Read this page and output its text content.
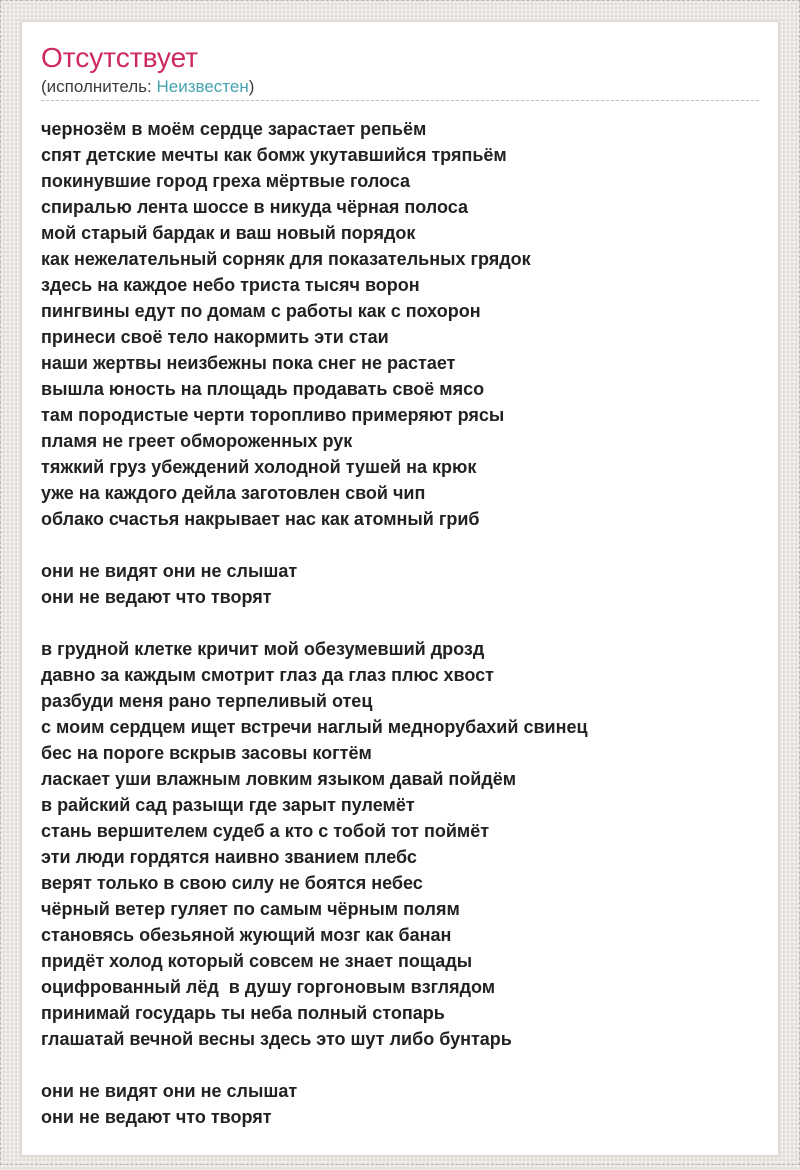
Отсутствует
(исполнитель: Неизвестен)
чернозём в моём сердце зарастает репьём
спят детские мечты как бомж укутавшийся тряпьём
покинувшие город греха мёртвые голоса
спиралью лента шоссе в никуда чёрная полоса
мой старый бардак и ваш новый порядок
как нежелательный сорняк для показательных грядок
здесь на каждое небо триста тысяч ворон
пингвины едут по домам с работы как с похорон
принеси своё тело накормить эти стаи
наши жертвы неизбежны пока снег не растает
вышла юность на площадь продавать своё мясо
там породистые черти торопливо примеряют рясы
пламя не греет обмороженных рук
тяжкий груз убеждений холодной тушей на крюк
уже на каждого дейла заготовлен свой чип
облако счастья накрывает нас как атомный гриб
они не видят они не слышат
они не ведают что творят
в грудной клетке кричит мой обезумевший дрозд
давно за каждым смотрит глаз да глаз плюс хвост
разбуди меня рано терпеливый отец
с моим сердцем ищет встречи наглый меднорубахий свинец
бес на пороге вскрыв засовы когтём
ласкает уши влажным ловким языком давай пойдём
в райский сад разыщи где зарыт пулемёт
стань вершителем судеб а кто с тобой тот поймёт
эти люди гордятся наивно званием плебс
верят только в свою силу не боятся небес
чёрный ветер гуляет по самым чёрным полям
становясь обезьяной жующий мозг как банан
придёт холод который совсем не знает пощады
оцифрованный лёд  в душу горгоновым взглядом
принимай государь ты неба полный стопарь
глашатай вечной весны здесь это шут либо бунтарь
они не видят они не слышат
они не ведают что творят
